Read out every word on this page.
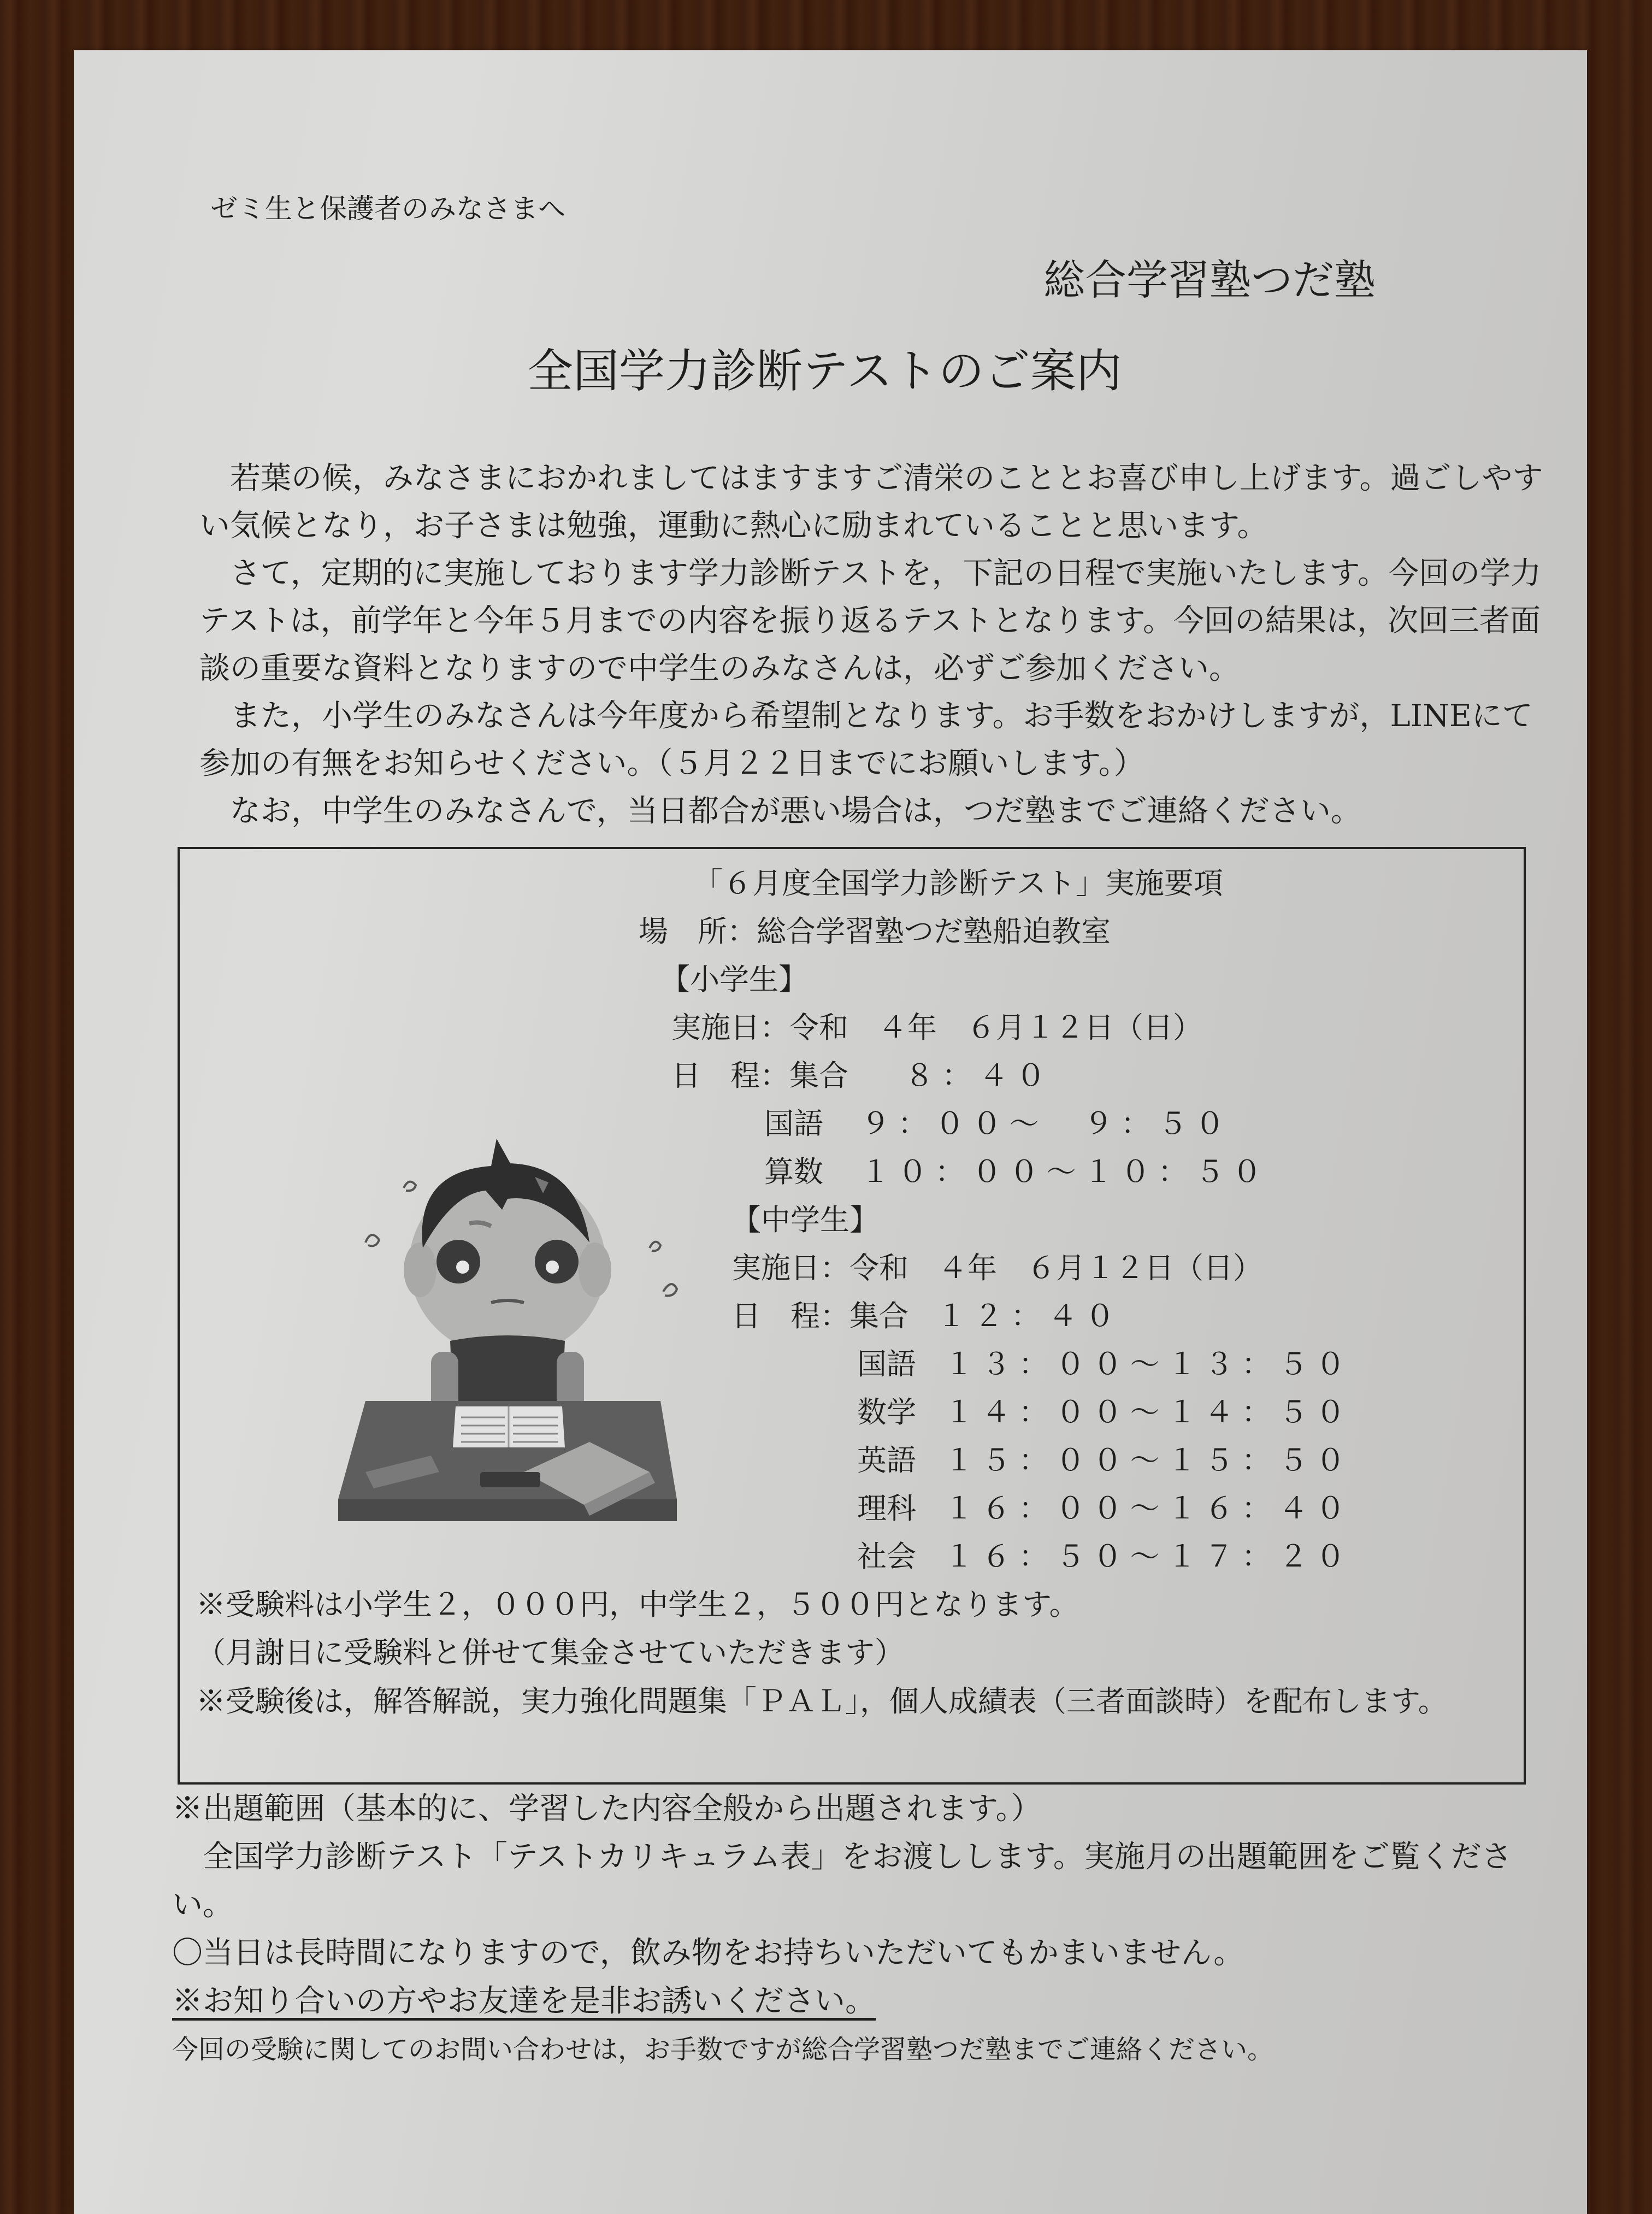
ゼミ生と保護者のみなさまへ
総合学習塾つだ塾
全国学力診断テストのご案内

若葉の候，みなさまにおかれましてはますますご清栄のこととお喜び申し上げます。過ごしやすい気候となり，お子さまは勉強，運動に熱心に励まれていることと思います。

さて，定期的に実施しております学力診断テストを，下記の日程で実施いたします。今回の学力テストは，前学年と今年５月までの内容を振り返るテストとなります。今回の結果は，次回三者面談の重要な資料となりますので中学生のみなさんは，必ずご参加ください。

また，小学生のみなさんは今年度から希望制となります。お手数をおかけしますが，LINEにて参加の有無をお知らせください。（５月２２日までにお願いします。）

なお，中学生のみなさんで，当日都合が悪い場合は，つだ塾までご連絡ください。

「６月度全国学力診断テスト」実施要項
場　所：総合学習塾つだ塾船迫教室
【小学生】
実施日：令和　４年　６月１２日（日）
日　程：集合 ８：４０
国語 ９：００～　９：５０
算数 １０：００～１０：５０
【中学生】
実施日：令和　４年　６月１２日（日）
日　程：集合 １２：４０
国語 １３：００～１３：５０
数学 １４：００～１４：５０
英語 １５：００～１５：５０
理科 １６：００～１６：４０
社会 １６：５０～１７：２０
※受験料は小学生２，０００円，中学生２，５００円となります。
（月謝日に受験料と併せて集金させていただきます）
※受験後は，解答解説，実力強化問題集「ＰＡＬ」，個人成績表（三者面談時）を配布します。

※出題範囲（基本的に、学習した内容全般から出題されます。）

全国学力診断テスト「テストカリキュラム表」をお渡しします。実施月の出題範囲をご覧ください。

〇当日は長時間になりますので，飲み物をお持ちいただいてもかまいません。

※お知り合いの方やお友達を是非お誘いください。

今回の受験に関してのお問い合わせは，お手数ですが総合学習塾つだ塾までご連絡ください。
